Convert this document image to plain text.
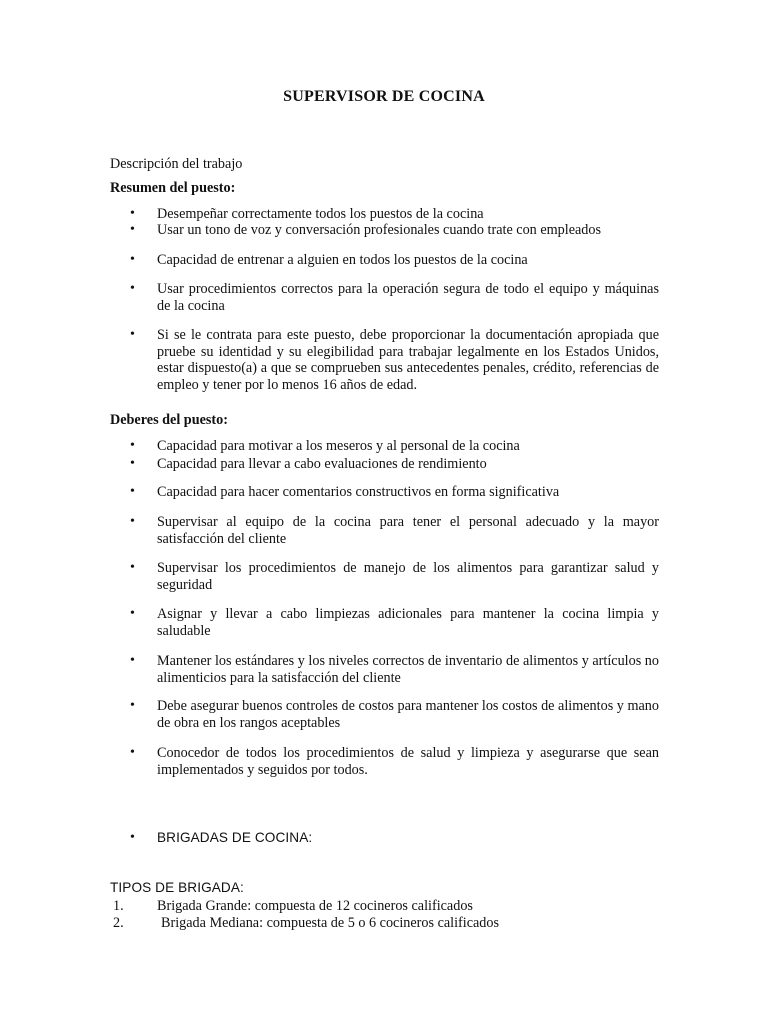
SUPERVISOR DE COCINA
Descripción del trabajo
Resumen del puesto:
•	Desempeñar correctamente todos los puestos de la cocina
•	Usar un tono de voz y conversación profesionales cuando trate con empleados
•	Capacidad de entrenar a alguien en todos los puestos de la cocina
•	Usar procedimientos correctos para la operación segura de todo el equipo y máquinas de la cocina
•	Si se le contrata para este puesto, debe proporcionar la documentación apropiada que pruebe su identidad y su elegibilidad para trabajar legalmente en los Estados Unidos, estar dispuesto(a) a que se comprueben sus antecedentes penales, crédito, referencias de empleo y tener por lo menos 16 años de edad.
Deberes del puesto:
•	Capacidad para motivar a los meseros y al personal de la cocina
•	Capacidad para llevar a cabo evaluaciones de rendimiento
•	Capacidad para hacer comentarios constructivos en forma significativa
•	Supervisar al equipo de la cocina para tener el personal adecuado y la mayor satisfacción del cliente
•	Supervisar los procedimientos de manejo de los alimentos para garantizar salud y seguridad
•	Asignar y llevar a cabo limpiezas adicionales para mantener la cocina limpia y saludable
•	Mantener los estándares y los niveles correctos de inventario de alimentos y artículos no alimenticios para la satisfacción del cliente
•	Debe asegurar buenos controles de costos para mantener los costos de alimentos y mano de obra en los rangos aceptables
•	Conocedor de todos los procedimientos de salud y limpieza y asegurarse que sean implementados y seguidos por todos.
•	BRIGADAS DE COCINA:
TIPOS DE BRIGADA:
1. Brigada Grande: compuesta de 12 cocineros calificados
2.	Brigada Mediana: compuesta de 5 o 6 cocineros calificados
